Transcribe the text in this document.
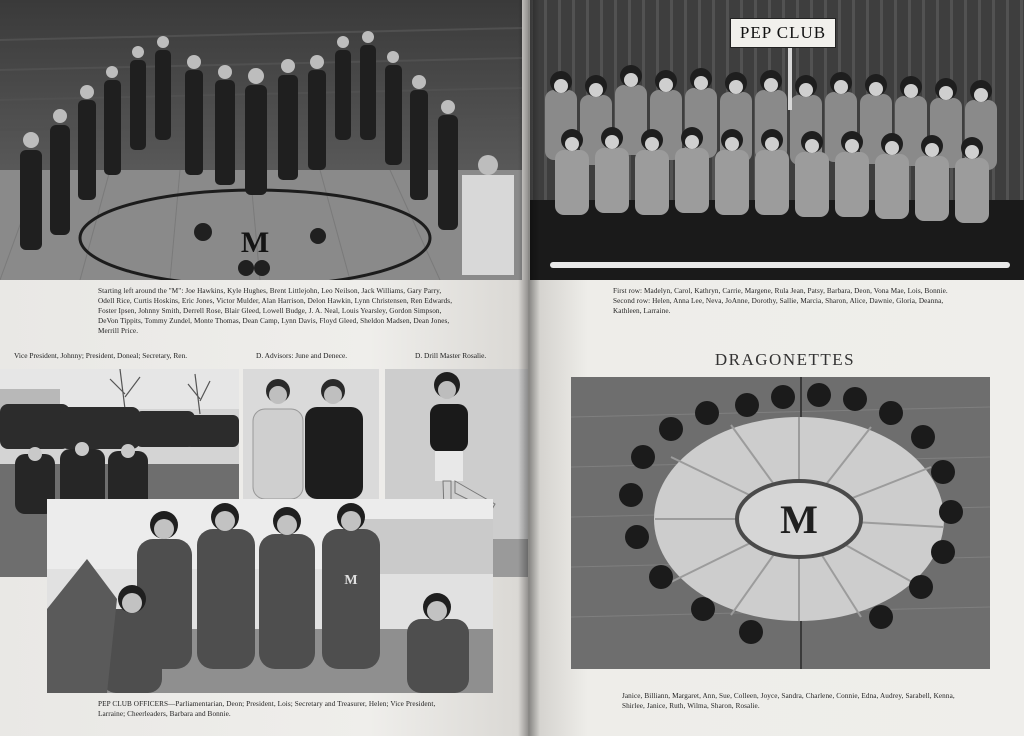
M
Starting left around the "M": Joe Hawkins, Kyle Hughes, Brent Littlejohn, Leo Neilson, Jack Williams, Gary Parry, Odell Rice, Curtis Hoskins, Eric Jones, Victor Mulder, Alan Harrison, Delon Hawkin, Lynn Christensen, Ren Edwards, Foster Ipsen, Johnny Smith, Derrell Rose, Blair Gleed, Lowell Budge, J. A. Neal, Louis Yearsley, Gordon Simpson, DeVon Tippits, Tommy Zundel, Monte Thomas, Dean Camp, Lynn Davis, Floyd Gleed, Sheldon Madsen, Dean Jones, Merrill Price.
Vice President, Johnny; President, Doneal; Secretary, Ren.	D. Advisors: June and Denece.	D. Drill Master Rosalie.
M
PEP CLUB OFFICERS—Parliamentarian, Deon; President, Lois; Secretary and Treasurer, Helen; Vice President, Larraine; Cheerleaders, Barbara and Bonnie.
PEP CLUB
First row: Madelyn, Carol, Kathryn, Carrie, Margene, Rula Jean, Patsy, Barbara, Deon, Vona Mae, Lois, Bonnie. Second row: Helen, Anna Lee, Neva, JoAnne, Dorothy, Sallie, Marcia, Sharon, Alice, Dawnie, Gloria, Deanna, Kathleen, Larraine.
DRAGONETTES
M
Janice, Billiann, Margaret, Ann, Sue, Colleen, Joyce, Sandra, Charlene, Connie, Edna, Audrey, Sarabell, Kenna, Shirlee, Janice, Ruth, Wilma, Sharon, Rosalie.
